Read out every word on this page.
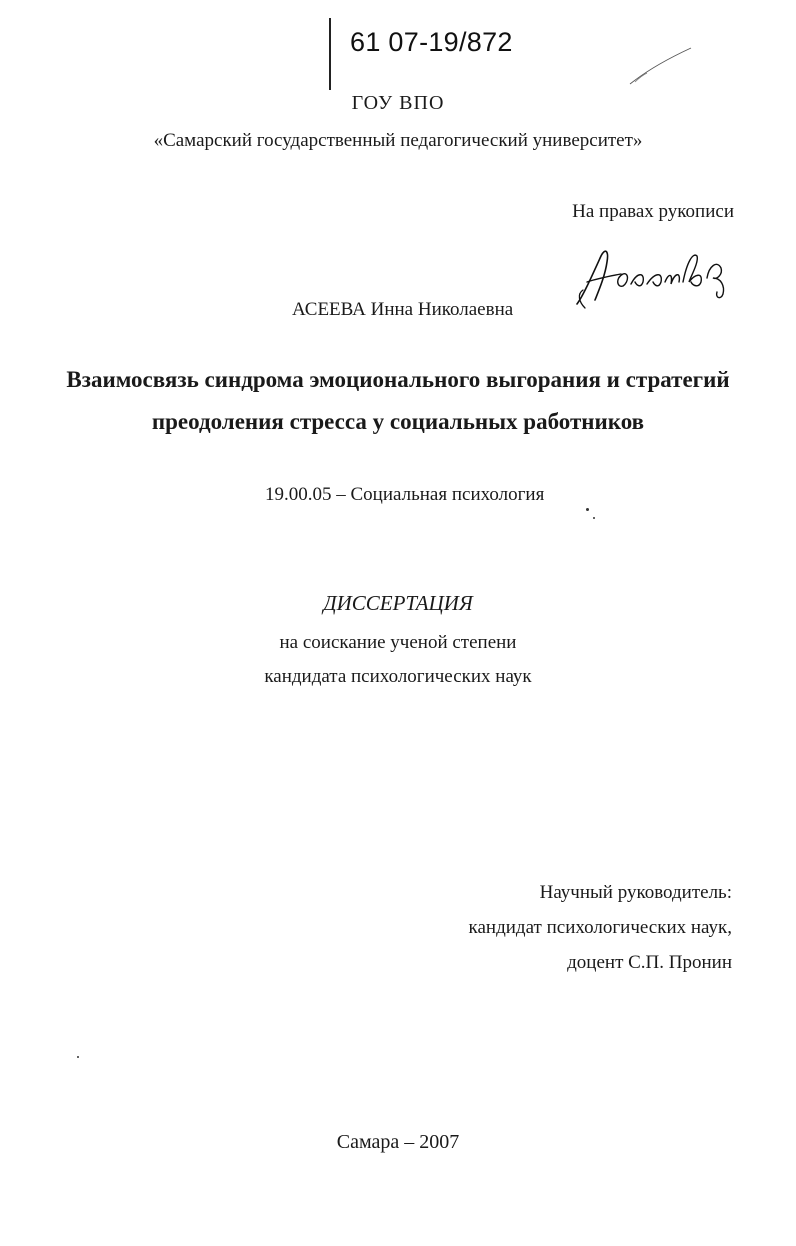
61 07-19/872
ГОУ ВПО
«Самарский государственный педагогический университет»
На правах рукописи
АСЕЕВА Инна Николаевна
Взаимосвязь синдрома эмоционального выгорания и стратегий
преодоления стресса у социальных работников
19.00.05 – Социальная психология
ДИССЕРТАЦИЯ
на соискание ученой степени
кандидата психологических наук
Научный руководитель:
кандидат психологических наук,
доцент С.П. Пронин
Самара – 2007
